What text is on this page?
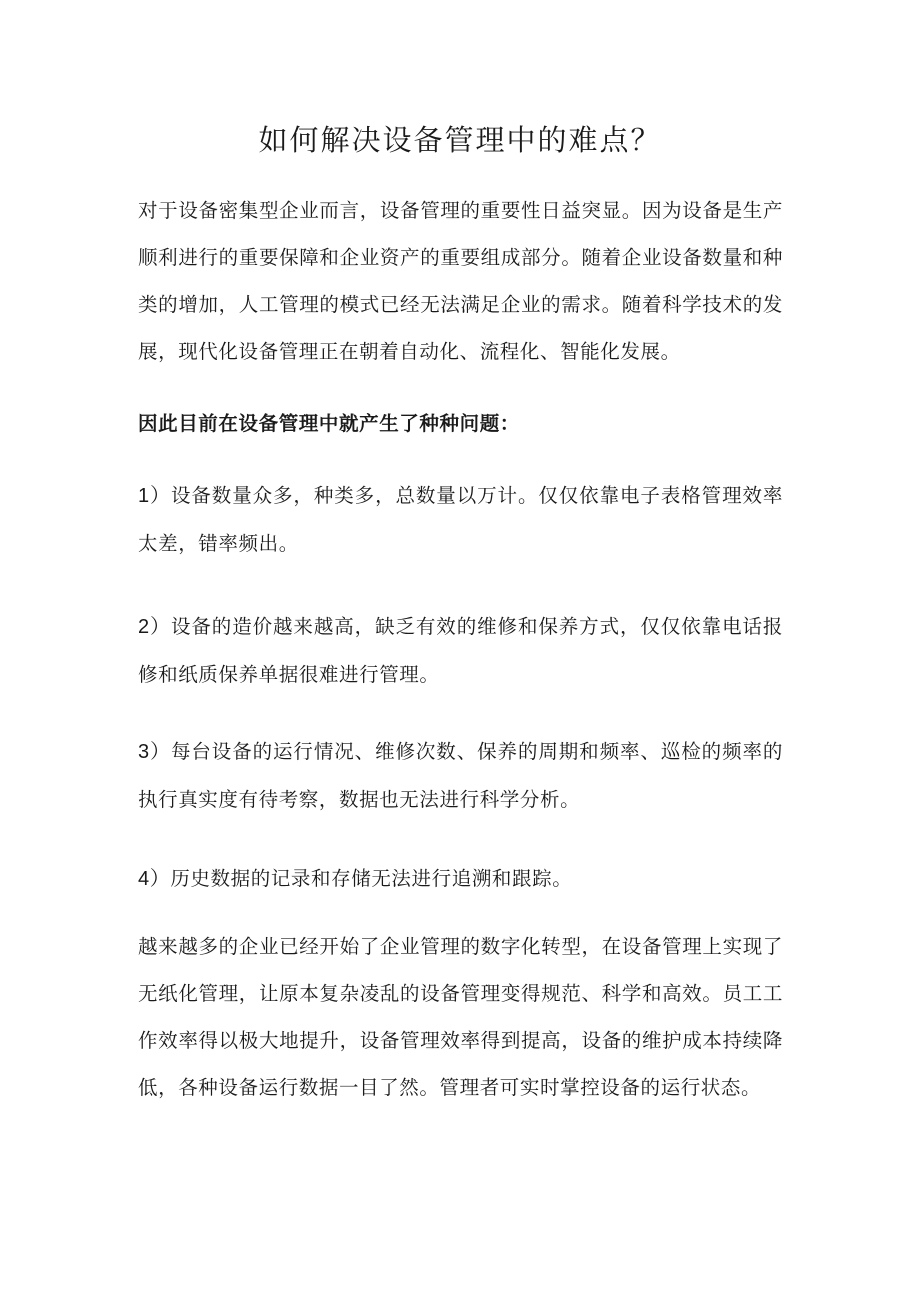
如何解决设备管理中的难点？
对于设备密集型企业而言，设备管理的重要性日益突显。因为设备是生产顺利进行的重要保障和企业资产的重要组成部分。随着企业设备数量和种类的增加，人工管理的模式已经无法满足企业的需求。随着科学技术的发展，现代化设备管理正在朝着自动化、流程化、智能化发展。
因此目前在设备管理中就产生了种种问题：
1）设备数量众多，种类多，总数量以万计。仅仅依靠电子表格管理效率太差，错率频出。
2）设备的造价越来越高，缺乏有效的维修和保养方式，仅仅依靠电话报修和纸质保养单据很难进行管理。
3）每台设备的运行情况、维修次数、保养的周期和频率、巡检的频率的执行真实度有待考察，数据也无法进行科学分析。
4）历史数据的记录和存储无法进行追溯和跟踪。
越来越多的企业已经开始了企业管理的数字化转型，在设备管理上实现了无纸化管理，让原本复杂凌乱的设备管理变得规范、科学和高效。员工工作效率得以极大地提升，设备管理效率得到提高，设备的维护成本持续降低，各种设备运行数据一目了然。管理者可实时掌控设备的运行状态。
